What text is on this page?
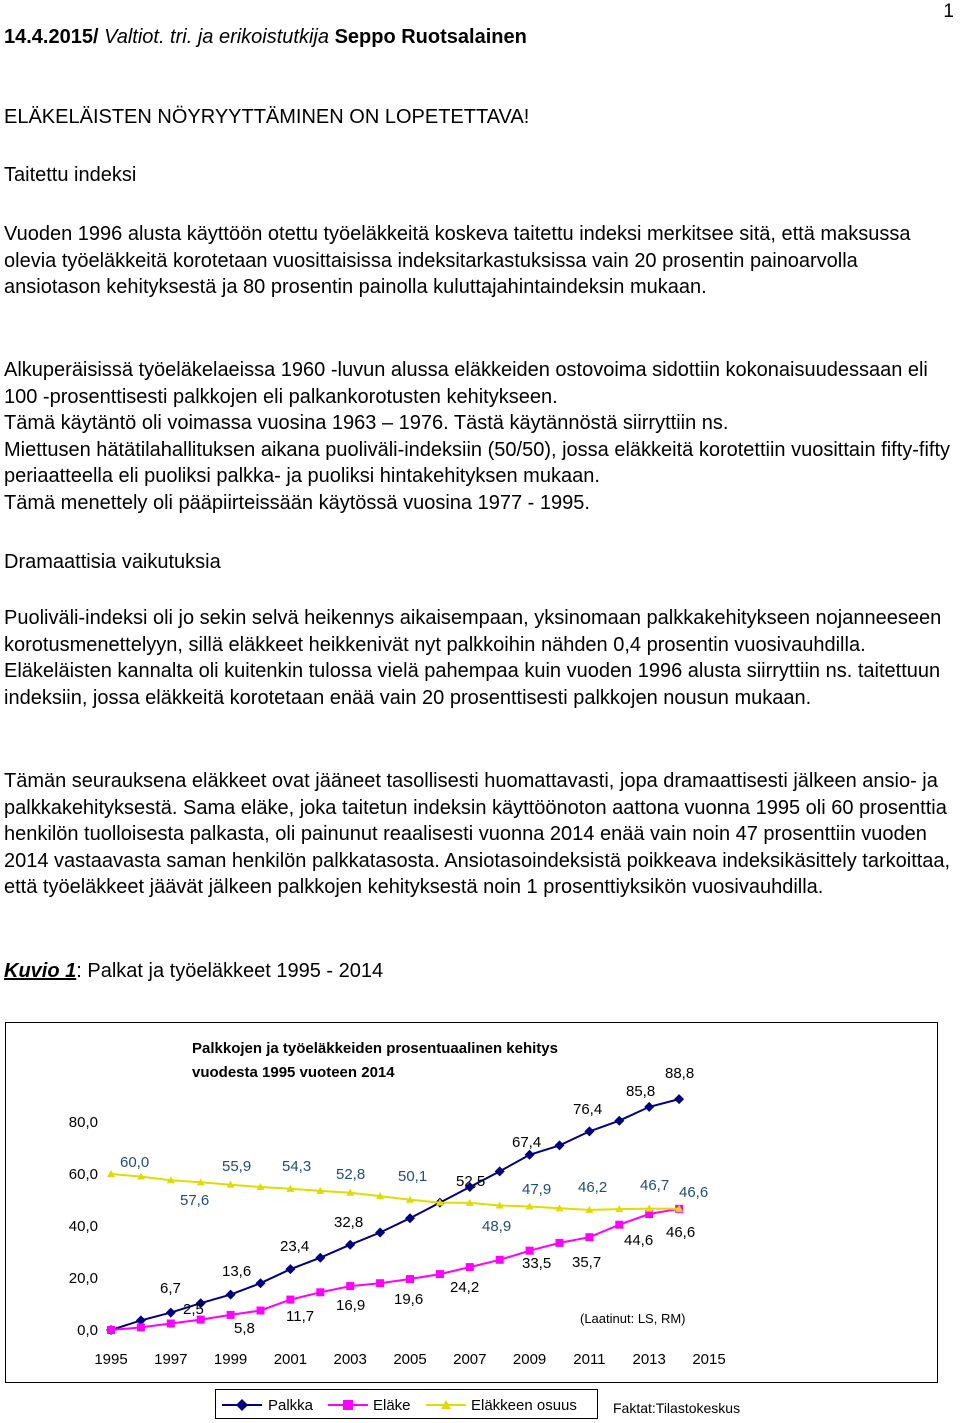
1
14.4.2015/ Valtiot. tri. ja erikoistutkija Seppo Ruotsalainen
ELÄKELÄISTEN NÖYRYYTTÄMINEN ON LOPETETTAVA!
Taitettu indeksi

Vuoden 1996 alusta käyttöön otettu työeläkkeitä koskeva taitettu indeksi merkitsee sitä, että maksussa olevia työeläkkeitä korotetaan vuosittaisissa indeksitarkastuksissa vain 20 prosentin painoarvolla ansiotason kehityksestä ja 80 prosentin painolla kuluttajahintaindeksin mukaan.

Alkuperäisissä työeläkelaeissa 1960 -luvun alussa eläkkeiden ostovoima sidottiin kokonaisuudessaan eli 100 -prosenttisesti palkkojen eli palkankorotusten kehitykseen.

Tämä käytäntö oli voimassa vuosina 1963 – 1976. Tästä käytännöstä siirryttiin ns.

Miettusen hätätilahallituksen aikana puoliväli-indeksiin (50/50), jossa eläkkeitä korotettiin vuosittain fifty-fifty periaatteella eli puoliksi palkka- ja puoliksi hintakehityksen mukaan.

Tämä menettely oli pääpiirteissään käytössä vuosina 1977 - 1995.

Dramaattisia vaikutuksia

Puoliväli-indeksi oli jo sekin selvä heikennys aikaisempaan, yksinomaan palkkakehitykseen nojanneeseen korotusmenettelyyn, sillä eläkkeet heikkenivät nyt palkkoihin nähden 0,4 prosentin vuosivauhdilla. Eläkeläisten kannalta oli kuitenkin tulossa vielä pahempaa kuin vuoden 1996 alusta siirryttiin ns. taitettuun indeksiin, jossa eläkkeitä korotetaan enää vain 20 prosenttisesti palkkojen nousun mukaan.

Tämän seurauksena eläkkeet ovat jääneet tasollisesti huomattavasti, jopa dramaattisesti jälkeen ansio- ja palkkakehityksestä. Sama eläke, joka taitetun indeksin käyttöönoton aattona vuonna 1995 oli 60 prosenttia henkilön tuolloisesta palkasta, oli painunut reaalisesti vuonna 2014 enää vain noin 47 prosenttiin vuoden 2014 vastaavasta saman henkilön palkkatasosta. Ansiotasoindeksistä poikkeava indeksikäsittely tarkoittaa, että työeläkkeet jäävät jälkeen palkkojen kehityksestä noin 1 prosenttiyksikön vuosivauhdilla.

Kuvio 1: Palkat ja työeläkkeet 1995 - 2014
Palkkojen ja työeläkkeiden prosentuaalinen kehitys
vuodesta 1995 vuoteen 2014
0,0
20,0
40,0
60,0
80,0
1995 1997 1999 2001 2003 2005 2007 2009 2011 2013 2015
60,0
57,6
55,9 54,3 52,8 50,1
48,9
47,9 46,2 46,7 46,6
6,7
13,6
23,4
32,8
52,5
67,4
76,4
85,8
88,8
2,5
5,8
11,7
16,9 19,6
24,2
33,5 35,7
44,6 46,6
(Laatinut: LS, RM)
Palkka	Eläke	Eläkkeen osuus	Faktat:Tilastokeskus
